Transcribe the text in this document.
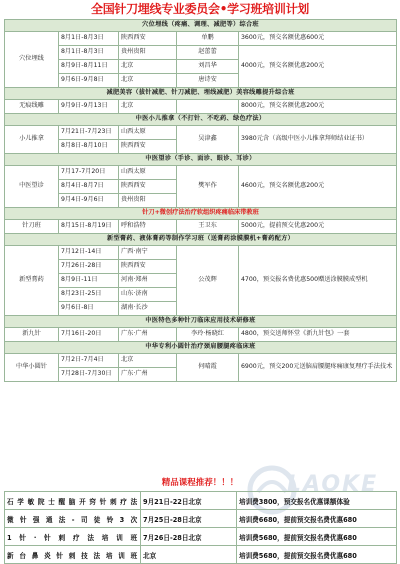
全国针刀埋线专业委员会•学习班培训计划
穴位埋线（疼痛、调理、减肥等）综合班				
穴位埋线	8月1日-8月3日	陕西西安	单鹏	3600元，预交名额优惠600元
	8月1日-8月3日	贵州贵阳	赵蕾蕾	4000元，预交名额优惠200元
	8月9日-8月11日	北京	刘昌华	
	9月6日-9月8日	北京	唐诗安	
减肥美容（拔针减肥、针刀减肥、埋线减肥）美容线雕提升综合班				
无痕线雕	9月9日-9月13日	北京		8000元，预交名额优惠200元
中医小儿推拿（不打针、不吃药、绿色疗法）				
小儿推拿	7月21日-7月23日	山西太原	吴津鑫	3980元含（高级中医小儿推拿拜师结业证书）
	8月8日-8月10日	陕西西安		
中医望诊（手诊、面诊、眼诊、耳诊）				
中医望诊	7月17-7月20日	山西太原	樊军作	4600元，预交名额优惠200元
	8月4日-8月7日	陕西西安		
	9月4日-9月6日	贵州贵阳		
针刀+微创疗法治疗软组织疼痛临床带教班				
针刀班	8月15日-8月19日	呼和浩特	王卫东	5000元，提前预交优惠200元
新型膏药、液体膏药等制作学习班（送膏药涂膜膜机+膏药配方）				
新型膏药	7月12日-14日	广西·南宁	公茂辉	4700，预交报名费优惠500赠送涂膜膜成型机
	7月26日-28日	陕西西安		
	8月9日-11日	河南·郑州		
	8月23日-25日	山东·济南		
	9月6日-8日	湖南·长沙		
中医特色多种针刀临床应用技术研修班				
新九针	7月16日-20日	广东·广州	李玲·杨晓红	4800，预交送师怀堂《新九针包》一套
中华专利小圆针治疗颈肩腰腿疼临床班				
中华小圆针	7月2日-7月4日	北京	何晴霞	6900元，预交200元送脑肩腰腿疼痛康复理疗手法技术
	7月28日-7月30日	广东·广州		
LAOKE
精品课程推荐！！！
石学敏院士醒脑开窍针刺疗法	9月21日-22日北京	培训费3800，预交报名优惠课额体验
微针强通法-司徒铃3次	7月25日-28日北京	培训费6680，提前预交报名费优惠680
1针·针刺疗法培训班	7月26日-28日北京	培训费5680，提前预交报名费优惠680
新台鼻炎针刺技法培训班	北京	培训费5680，提前预交报名费优惠680
